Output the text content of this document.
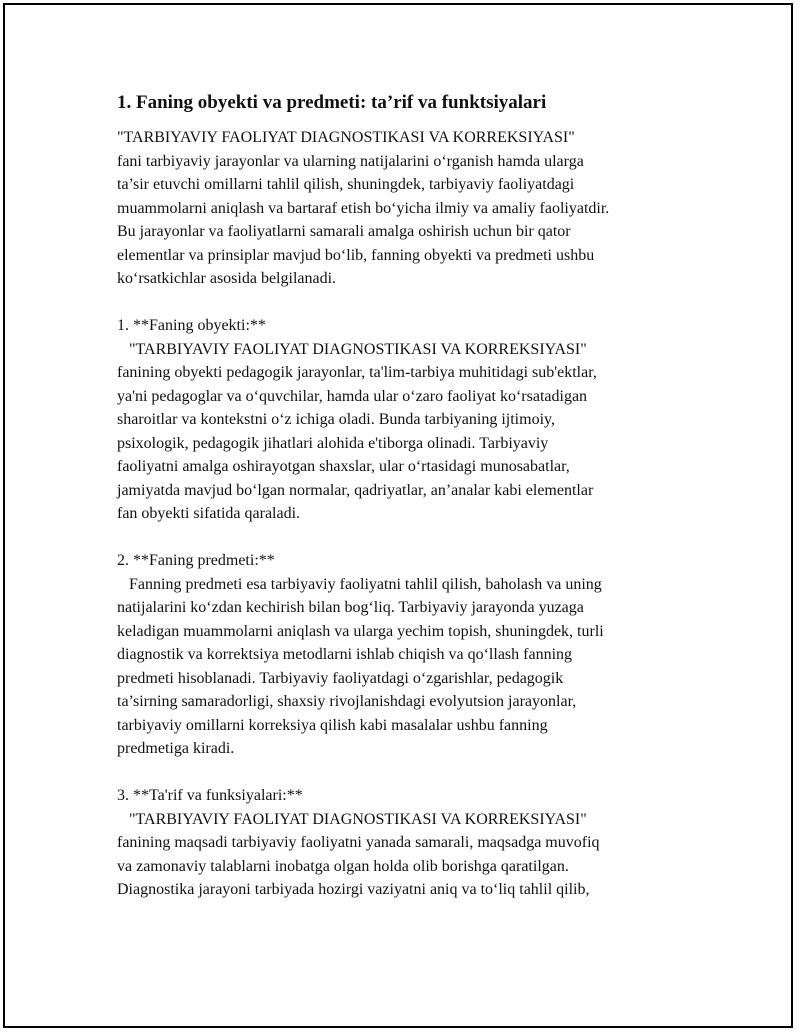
1. Faning obyekti va predmeti: ta’rif va funktsiyalari
"TARBIYAVIY FAOLIYAT DIAGNOSTIKASI VA KORREKSIYASI"
fani tarbiyaviy jarayonlar va ularning natijalarini oʻrganish hamda ularga
ta’sir etuvchi omillarni tahlil qilish, shuningdek, tarbiyaviy faoliyatdagi
muammolarni aniqlash va bartaraf etish boʻyicha ilmiy va amaliy faoliyatdir.
Bu jarayonlar va faoliyatlarni samarali amalga oshirish uchun bir qator
elementlar va prinsiplar mavjud boʻlib, fanning obyekti va predmeti ushbu
koʻrsatkichlar asosida belgilanadi.
1. **Faning obyekti:**
"TARBIYAVIY FAOLIYAT DIAGNOSTIKASI VA KORREKSIYASI"
fanining obyekti pedagogik jarayonlar, ta'lim-tarbiya muhitidagi sub'ektlar,
ya'ni pedagoglar va oʻquvchilar, hamda ular oʻzaro faoliyat koʻrsatadigan
sharoitlar va kontekstni oʻz ichiga oladi. Bunda tarbiyaning ijtimoiy,
psixologik, pedagogik jihatlari alohida e'tiborga olinadi. Tarbiyaviy
faoliyatni amalga oshirayotgan shaxslar, ular oʻrtasidagi munosabatlar,
jamiyatda mavjud boʻlgan normalar, qadriyatlar, an’analar kabi elementlar
fan obyekti sifatida qaraladi.
2. **Faning predmeti:**
Fanning predmeti esa tarbiyaviy faoliyatni tahlil qilish, baholash va uning
natijalarini koʻzdan kechirish bilan bogʻliq. Tarbiyaviy jarayonda yuzaga
keladigan muammolarni aniqlash va ularga yechim topish, shuningdek, turli
diagnostik va korrektsiya metodlarni ishlab chiqish va qoʻllash fanning
predmeti hisoblanadi. Tarbiyaviy faoliyatdagi oʻzgarishlar, pedagogik
ta’sirning samaradorligi, shaxsiy rivojlanishdagi evolyutsion jarayonlar,
tarbiyaviy omillarni korreksiya qilish kabi masalalar ushbu fanning
predmetiga kiradi.
3. **Ta'rif va funksiyalari:**
"TARBIYAVIY FAOLIYAT DIAGNOSTIKASI VA KORREKSIYASI"
fanining maqsadi tarbiyaviy faoliyatni yanada samarali, maqsadga muvofiq
va zamonaviy talablarni inobatga olgan holda olib borishga qaratilgan.
Diagnostika jarayoni tarbiyada hozirgi vaziyatni aniq va toʻliq tahlil qilib,
